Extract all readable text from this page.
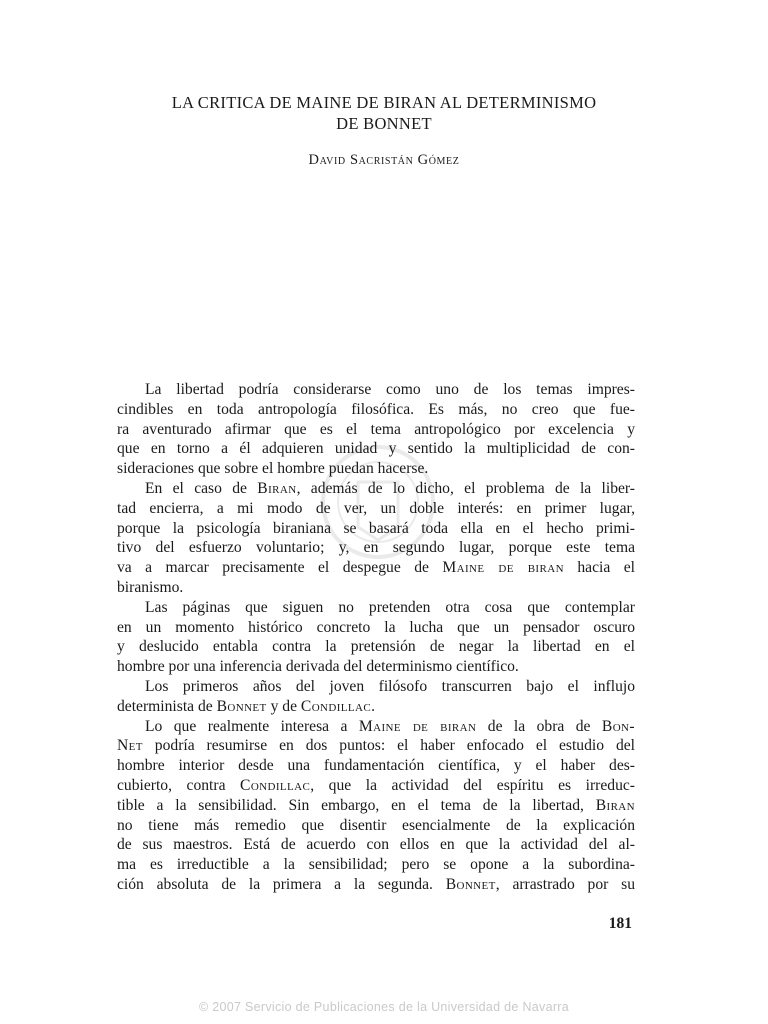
LA CRITICA DE MAINE DE BIRAN AL DETERMINISMO
DE BONNET
David Sacristán Gómez

La libertad podría considerarse como uno de los temas impres-
cindibles en toda antropología filosófica. Es más, no creo que fue-
ra aventurado afirmar que es el tema antropológico por excelencia y
que en torno a él adquieren unidad y sentido la multiplicidad de con-
sideraciones que sobre el hombre puedan hacerse.

En el caso de Biran, además de lo dicho, el problema de la liber-
tad encierra, a mi modo de ver, un doble interés: en primer lugar,
porque la psicología biraniana se basará toda ella en el hecho primi-
tivo del esfuerzo voluntario; y, en segundo lugar, porque este tema
va a marcar precisamente el despegue de Maine de biran hacia el
biranismo.

Las páginas que siguen no pretenden otra cosa que contemplar
en un momento histórico concreto la lucha que un pensador oscuro
y deslucido entabla contra la pretensión de negar la libertad en el
hombre por una inferencia derivada del determinismo científico.

Los primeros años del joven filósofo transcurren bajo el influjo
determinista de Bonnet y de Condillac.

Lo que realmente interesa a Maine de biran de la obra de Bon-
Net podría resumirse en dos puntos: el haber enfocado el estudio del
hombre interior desde una fundamentación científica, y el haber des-
cubierto, contra Condillac, que la actividad del espíritu es irreduc-
tible a la sensibilidad. Sin embargo, en el tema de la libertad, Biran
no tiene más remedio que disentir esencialmente de la explicación
de sus maestros. Está de acuerdo con ellos en que la actividad del al-
ma es irreductible a la sensibilidad; pero se opone a la subordina-
ción absoluta de la primera a la segunda. Bonnet, arrastrado por su

181
© 2007 Servicio de Publicaciones de la Universidad de Navarra
